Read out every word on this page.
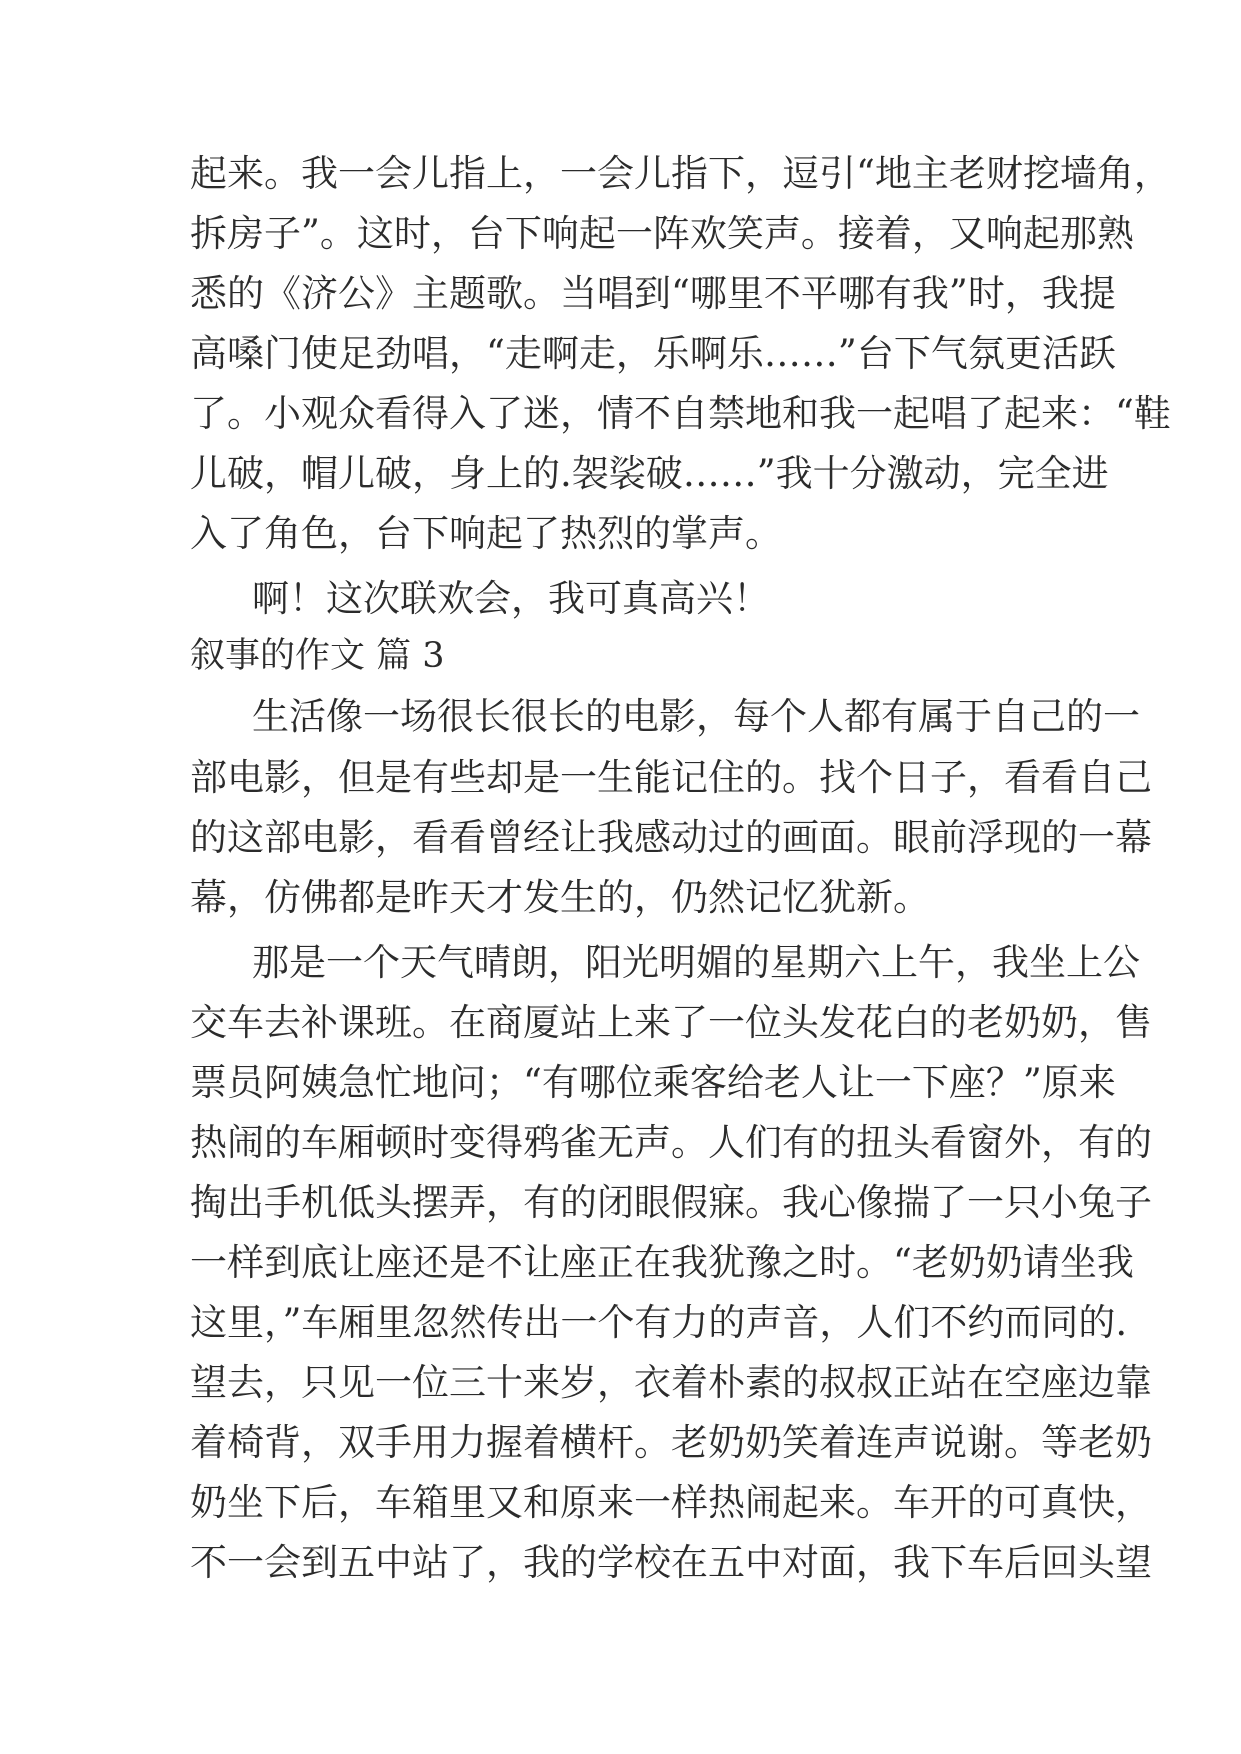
起来。我一会儿指上，一会儿指下，逗引“地主老财挖墙角，
拆房子”。这时，台下响起一阵欢笑声。接着，又响起那熟
悉的《济公》主题歌。当唱到“哪里不平哪有我”时，我提
高嗓门使足劲唱，“走啊走，乐啊乐……”台下气氛更活跃
了。小观众看得入了迷，情不自禁地和我一起唱了起来：“鞋
儿破，帽儿破，身上的.袈裟破……”我十分激动，完全进
入了角色，台下响起了热烈的掌声。
啊！这次联欢会，我可真高兴！
叙事的作文 篇 3
生活像一场很长很长的电影，每个人都有属于自己的一
部电影，但是有些却是一生能记住的。找个日子，看看自己
的这部电影，看看曾经让我感动过的画面。眼前浮现的一幕
幕，仿佛都是昨天才发生的，仍然记忆犹新。
那是一个天气晴朗，阳光明媚的星期六上午，我坐上公
交车去补课班。在商厦站上来了一位头发花白的老奶奶，售
票员阿姨急忙地问；“有哪位乘客给老人让一下座？”原来
热闹的车厢顿时变得鸦雀无声。人们有的扭头看窗外，有的
掏出手机低头摆弄，有的闭眼假寐。我心像揣了一只小兔子
一样到底让座还是不让座正在我犹豫之时。“老奶奶请坐我
这里，”车厢里忽然传出一个有力的声音，人们不约而同的.
望去，只见一位三十来岁，衣着朴素的叔叔正站在空座边靠
着椅背，双手用力握着横杆。老奶奶笑着连声说谢。等老奶
奶坐下后，车箱里又和原来一样热闹起来。车开的可真快，
不一会到五中站了，我的学校在五中对面，我下车后回头望
